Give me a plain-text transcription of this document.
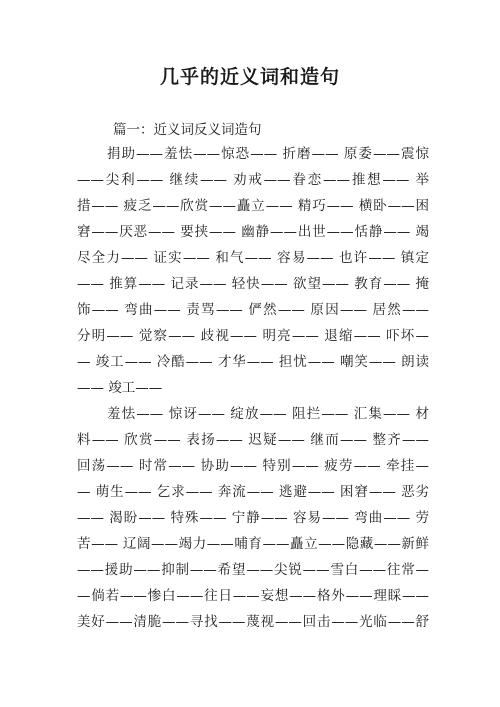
几乎的近义词和造句
篇一：近义词反义词造句
捐助——羞怯——惊恐—— 折磨—— 原委——震惊
——尖利—— 继续—— 劝戒——眷恋——推想—— 举
措—— 疲乏——欣赏——矗立—— 精巧—— 横卧——困
窘——厌恶—— 要挟—— 幽静——出世——恬静—— 竭
尽全力—— 证实—— 和气—— 容易—— 也许—— 镇定
—— 推算—— 记录—— 轻快—— 欲望—— 教育—— 掩
饰—— 弯曲—— 责骂—— 俨然—— 原因—— 居然——
分明—— 觉察—— 歧视—— 明亮—— 退缩—— 吓坏—
— 竣工—— 冷酷—— 才华—— 担忧—— 嘲笑—— 朗读
—— 竣工——
羞怯—— 惊讶—— 绽放—— 阻拦—— 汇集—— 材
料—— 欣赏—— 表扬—— 迟疑—— 继而—— 整齐——
回荡—— 时常—— 协助—— 特别—— 疲劳—— 牵挂—
— 萌生—— 乞求—— 奔流—— 逃避—— 困窘—— 恶劣
—— 渴盼—— 特殊—— 宁静—— 容易—— 弯曲—— 劳
苦—— 辽阔——竭力——哺育——矗立——隐藏——新鲜
——援助——抑制——希望——尖锐——雪白——往常—
—倘若——惨白——往日——妄想——格外——理睬——
美好——清脆——寻找——蔑视——回击——光临——舒
